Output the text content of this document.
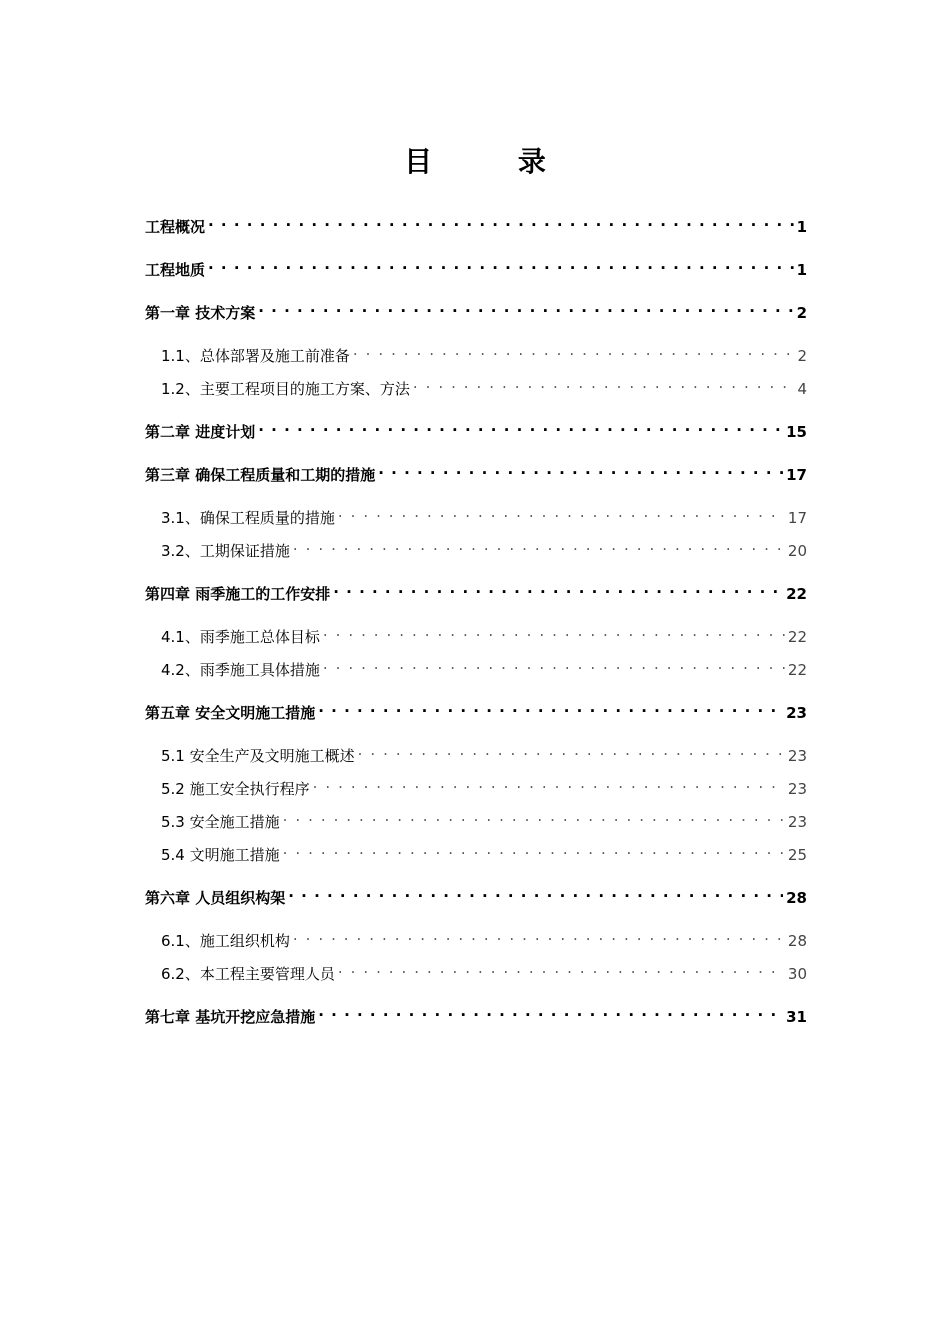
目 录
工程概况 . . .	1
工程地质 . . .	1
第一章 技术方案 . . .	2
1.1、总体部署及施工前准备 . . .	2
1.2、主要工程项目的施工方案、方法 . . .	4
第二章 进度计划 . . .	15
第三章 确保工程质量和工期的措施 . . .	17
3.1、确保工程质量的措施 . . .	17
3.2、工期保证措施 . . .	20
第四章 雨季施工的工作安排 . . .	22
4.1、雨季施工总体目标 . . .	22
4.2、雨季施工具体措施 . . .	22
第五章 安全文明施工措施 . . .	23
5.1 安全生产及文明施工概述 . . .	23
5.2 施工安全执行程序 . . .	23
5.3 安全施工措施 . . .	23
5.4 文明施工措施 . . .	25
第六章 人员组织构架 . . .	28
6.1、施工组织机构 . . .	28
6.2、本工程主要管理人员 . . .	30
第七章 基坑开挖应急措施 . . .	31
